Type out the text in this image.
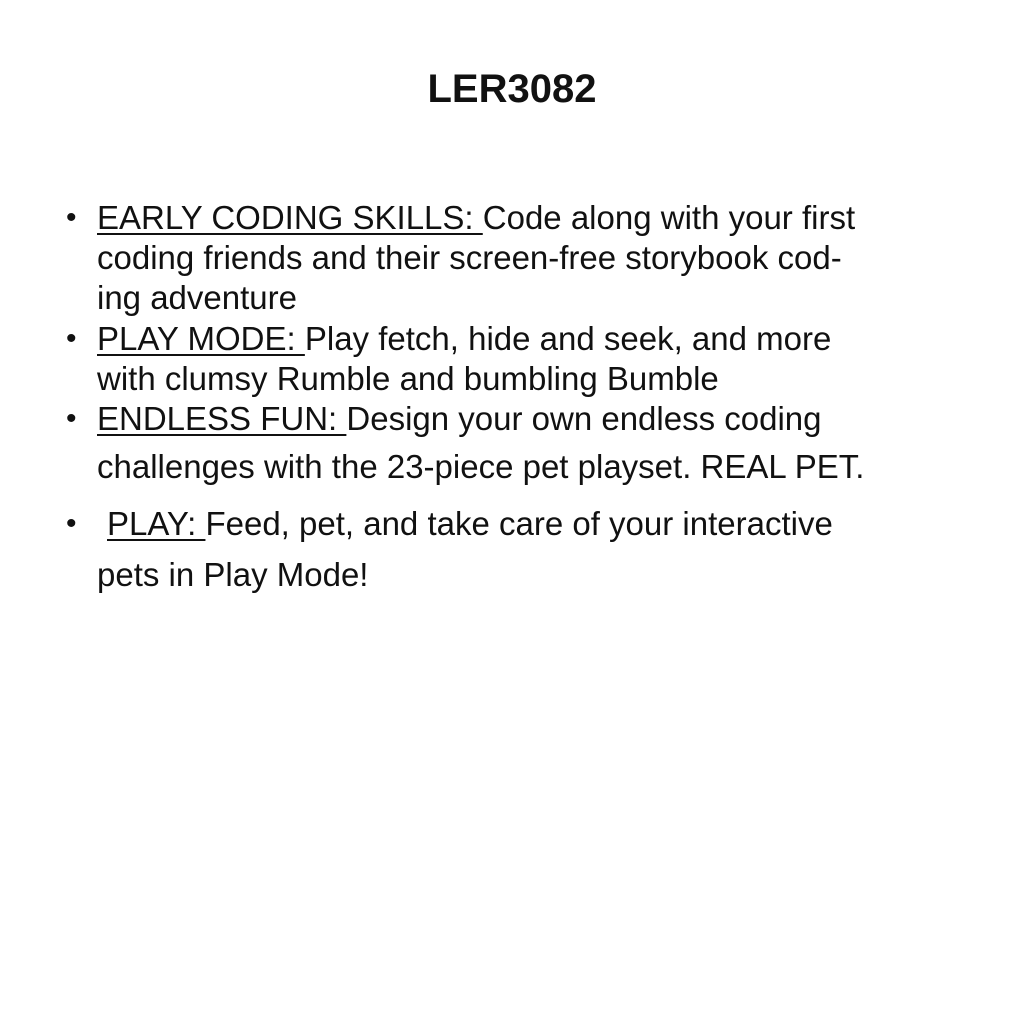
LER3082
• EARLY CODING SKILLS: Code along with your first
coding friends and their screen-free storybook cod-
ing adventure
• PLAY MODE: Play fetch, hide and seek, and more
with clumsy Rumble and bumbling Bumble
• ENDLESS FUN: Design your own endless coding
challenges with the 23-piece pet playset. REAL PET.
• PLAY: Feed, pet, and take care of your interactive
pets in Play Mode!
